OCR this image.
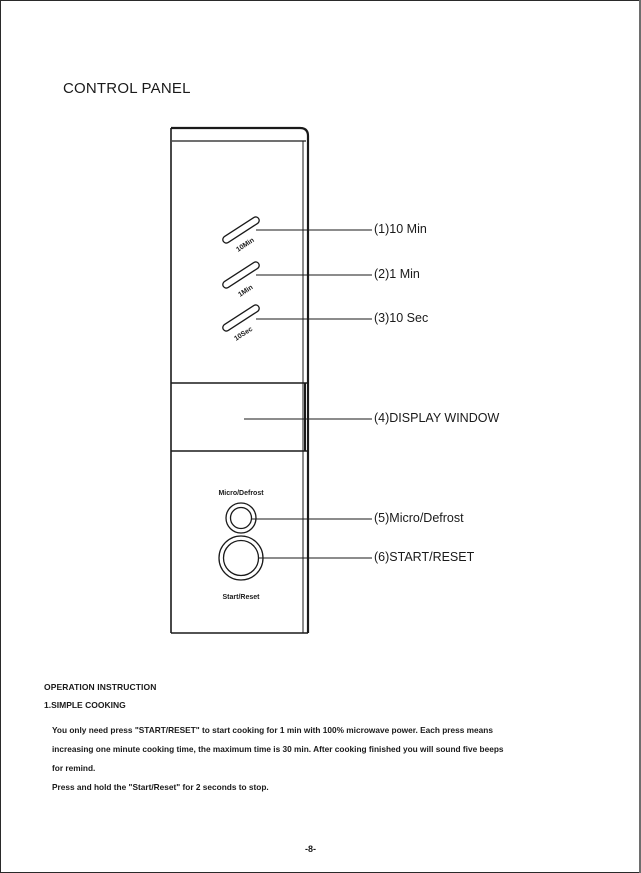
CONTROL PANEL
10Min
1Min
10Sec
Micro/Defrost
Start/Reset
(1)10 Min
(2)1 Min
(3)10 Sec
(4)DISPLAY WINDOW
(5)Micro/Defrost
(6)START/RESET
OPERATION INSTRUCTION
1.SIMPLE COOKING
You only need press "START/RESET" to start cooking for 1 min with 100% microwave power. Each press means
increasing one minute cooking time, the maximum time is 30 min. After cooking finished you will sound five beeps
for remind.
Press and hold the "Start/Reset" for 2 seconds to stop.
-8-
